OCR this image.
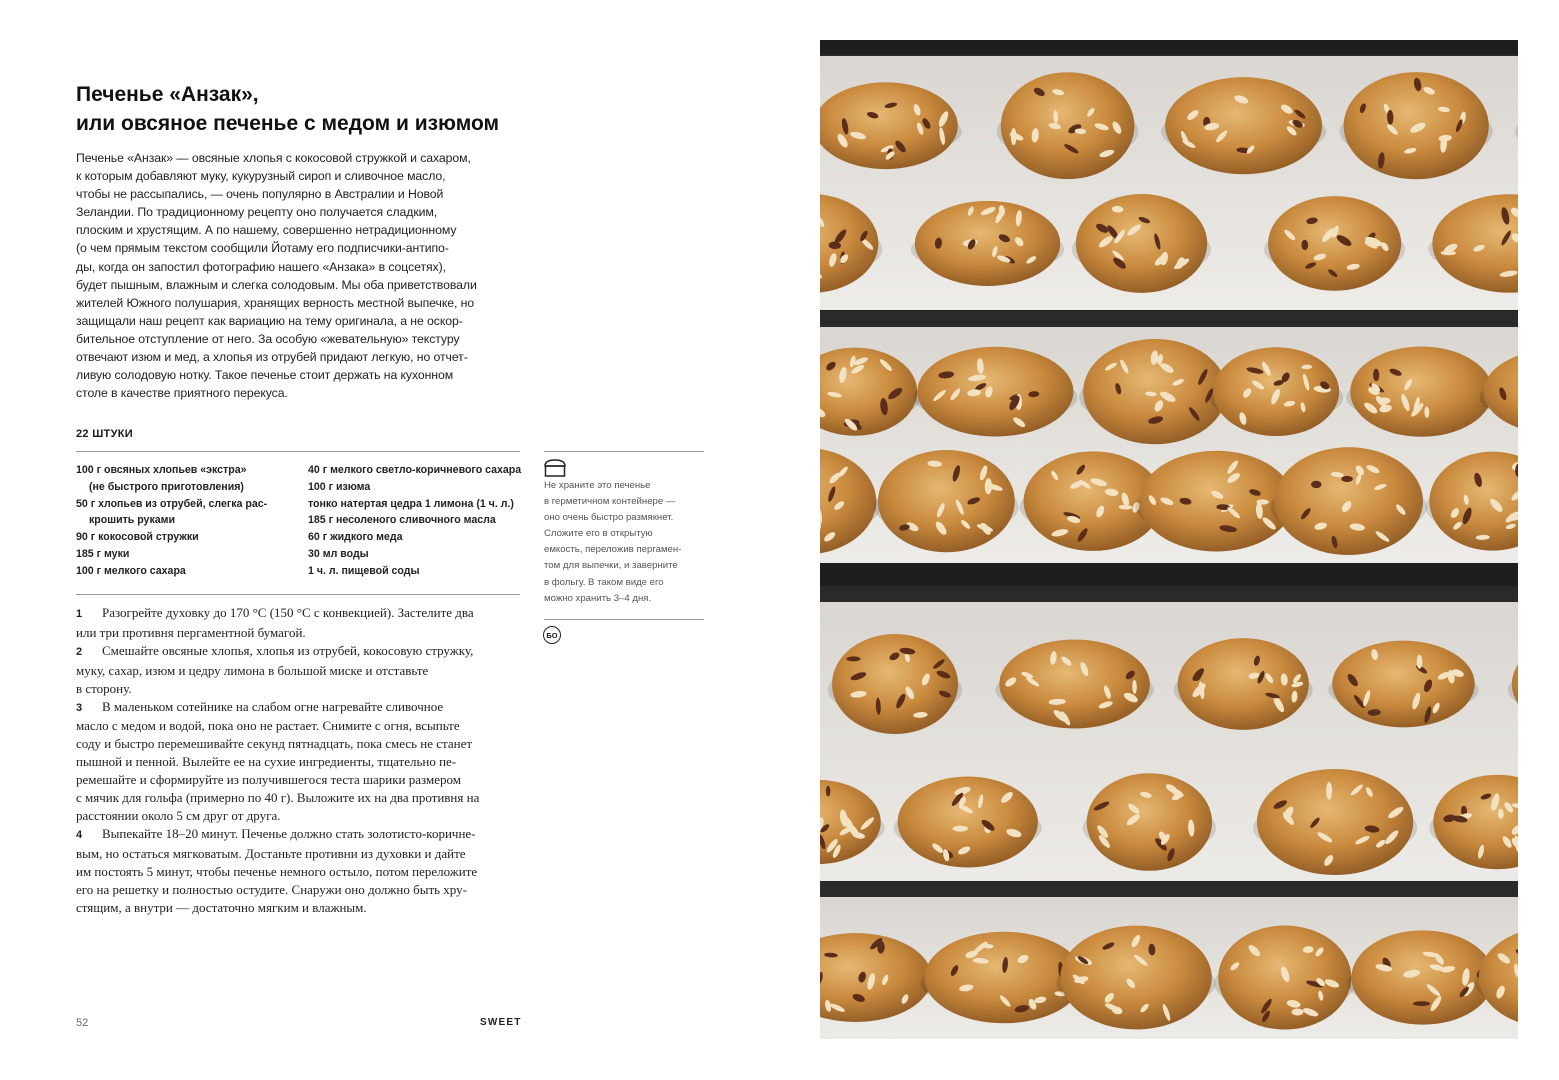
Печенье «Анзак»,
или овсяное печенье с медом и изюмом

Печенье «Анзак» — овсяные хлопья с кокосовой стружкой и сахаром,
к которым добавляют муку, кукурузный сироп и сливочное масло,
чтобы не рассыпались, — очень популярно в Австралии и Новой
Зеландии. По традиционному рецепту оно получается сладким,
плоским и хрустящим. А по нашему, совершенно нетрадиционному
(о чем прямым текстом сообщили Йотаму его подписчики-антипо-
ды, когда он запостил фотографию нашего «Анзака» в соцсетях),
будет пышным, влажным и слегка солодовым. Мы оба приветствовали
жителей Южного полушария, хранящих верность местной выпечке, но
защищали наш рецепт как вариацию на тему оригинала, а не оскор-
бительное отступление от него. За особую «жевательную» текстуру
отвечают изюм и мед, а хлопья из отрубей придают легкую, но отчет-
ливую солодовую нотку. Такое печенье стоит держать на кухонном
столе в качестве приятного перекуса.

22 ШТУКИ

100 г овсяных хлопьев «экстра»
(не быстрого приготовления)
50 г хлопьев из отрубей, слегка рас-
крошить руками
90 г кокосовой стружки
185 г муки
100 г мелкого сахара
40 г мелкого светло-коричневого сахара
100 г изюма
тонко натертая цедра 1 лимона (1 ч. л.)
185 г несоленого сливочного масла
60 г жидкого меда
30 мл воды
1 ч. л. пищевой соды

1 Разогрейте духовку до 170 °C (150 °C с конвекцией). Застелите два
или три противня пергаментной бумагой.

2 Смешайте овсяные хлопья, хлопья из отрубей, кокосовую стружку,
муку, сахар, изюм и цедру лимона в большой миске и отставьте
в сторону.

3 В маленьком сотейнике на слабом огне нагревайте сливочное
масло с медом и водой, пока оно не растает. Снимите с огня, всыпьте
соду и быстро перемешивайте секунд пятнадцать, пока смесь не станет
пышной и пенной. Вылейте ее на сухие ингредиенты, тщательно пе-
ремешайте и сформируйте из получившегося теста шарики размером
с мячик для гольфа (примерно по 40 г). Выложите их на два противня на
расстоянии около 5 см друг от друга.

4 Выпекайте 18–20 минут. Печенье должно стать золотисто-коричне-
вым, но остаться мягковатым. Достаньте противни из духовки и дайте
им постоять 5 минут, чтобы печенье немного остыло, потом переложите
его на решетку и полностью остудите. Снаружи оно должно быть хру-
стящим, а внутри — достаточно мягким и влажным.

Не храните это печенье
в герметичном контейнере —
оно очень быстро размякнет.
Сложите его в открытую
емкость, переложив пергамен-
том для выпечки, и заверните
в фольгу. В таком виде его
можно хранить 3–4 дня.

БО
52	SWEET
